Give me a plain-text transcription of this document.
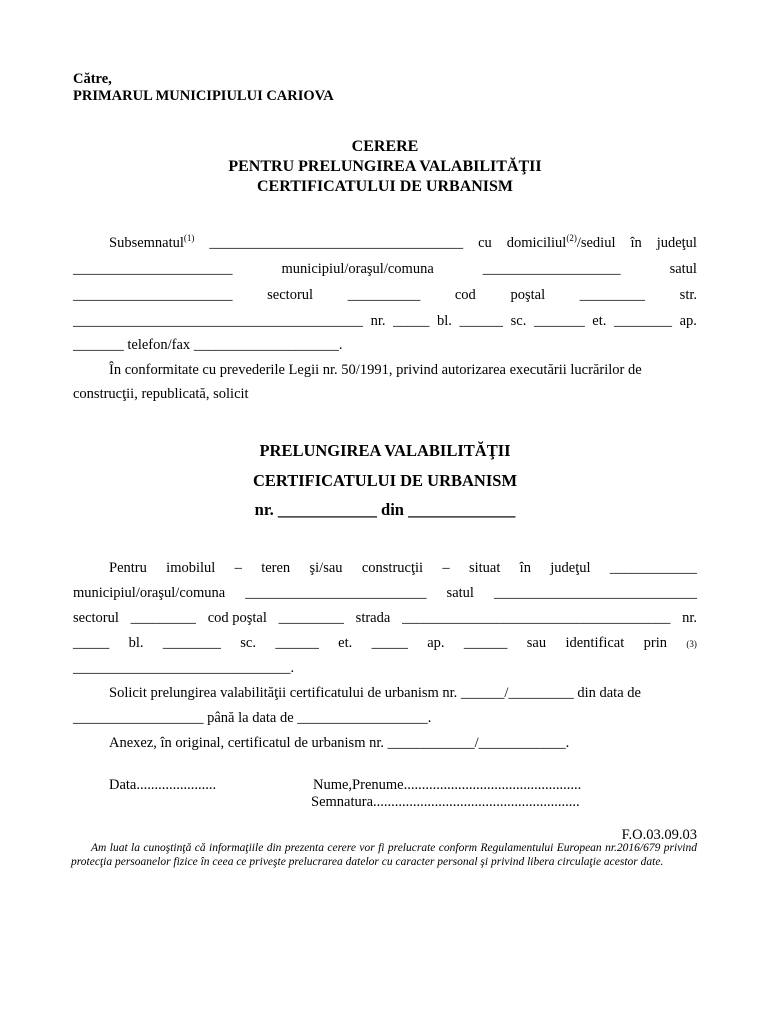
Către,
PRIMARUL MUNICIPIULUI CARIOVA
CERERE
PENTRU PRELUNGIREA VALABILITĂŢII
CERTIFICATULUI DE URBANISM
Subsemnatul$^{(1)}$ ___________________________________ cu domiciliul$^{(2)}$/sediul în judeţul
______________________	municipiul/oraşul/comuna	___________________	satul
______________________ sectorul __________ cod poştal _________ str.
________________________________________ nr. _____ bl. ______ sc. _______ et. ________ ap.
_______ telefon/fax ____________________.
În conformitate cu prevederile Legii nr. 50/1991, privind autorizarea executării lucrărilor de
construcţii, republicată, solicit
PRELUNGIREA VALABILITĂŢII
CERTIFICATULUI DE URBANISM
nr. ____________ din _____________
Pentru imobilul – teren şi/sau construcţii – situat în judeţul ____________
municipiul/oraşul/comuna _________________________ satul ____________________________
sectorul _________ cod poştal _________ strada _____________________________________ nr.
_____ bl. ________ sc. ______ et. _____ ap. ______ sau identificat prin (3)
______________________________.
Solicit prelungirea valabilităţii certificatului de urbanism nr. ______/_________ din data de
__________________ până la data de __________________.
Anexez, în original, certificatul de urbanism nr. ____________/____________.
Data......................	Nume,Prenume.................................................
Semnatura.........................................................
F.O.03.09.03
Am luat la cunoştinţă că informaţiile din prezenta cerere vor fi prelucrate conform Regulamentului European nr.2016/679 privind protecţia persoanelor fizice în ceea ce priveşte prelucrarea datelor cu caracter personal şi privind libera circulaţie acestor date.
